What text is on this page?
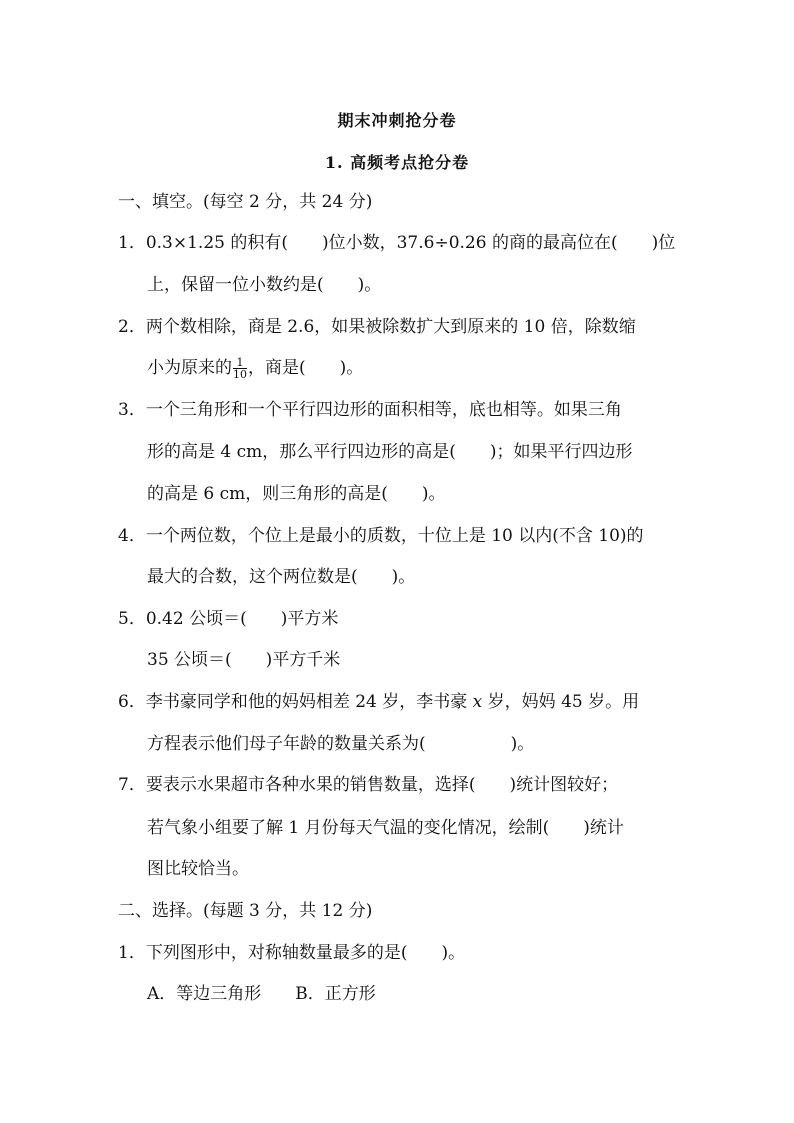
期末冲刺抢分卷
1. 高频考点抢分卷
一、填空。(每空 2 分，共 24 分)
1．0.3×1.25 的积有(　　)位小数，37.6÷0.26 的商的最高位在(　　)位
上，保留一位小数约是(　　)。
2．两个数相除，商是 2.6，如果被除数扩大到原来的 10 倍，除数缩
小为原来的 $\frac{1}{10}$ ，商是(　　)。
3．一个三角形和一个平行四边形的面积相等，底也相等。如果三角
形的高是 4 cm，那么平行四边形的高是(　　)；如果平行四边形
的高是 6 cm，则三角形的高是(　　)。
4．一个两位数，个位上是最小的质数，十位上是 10 以内(不含 10)的
最大的合数，这个两位数是(　　)。
5．0.42 公顷＝(　　)平方米
35 公顷＝(　　)平方千米
6．李书豪同学和他的妈妈相差 24 岁，李书豪 x 岁，妈妈 45 岁。用
方程表示他们母子年龄的数量关系为(　　　　　)。
7．要表示水果超市各种水果的销售数量，选择(　　)统计图较好；
若气象小组要了解 1 月份每天气温的变化情况，绘制(　　)统计
图比较恰当。
二、选择。(每题 3 分，共 12 分)
1．下列图形中，对称轴数量最多的是(　　)。
A．等边三角形　　B．正方形
